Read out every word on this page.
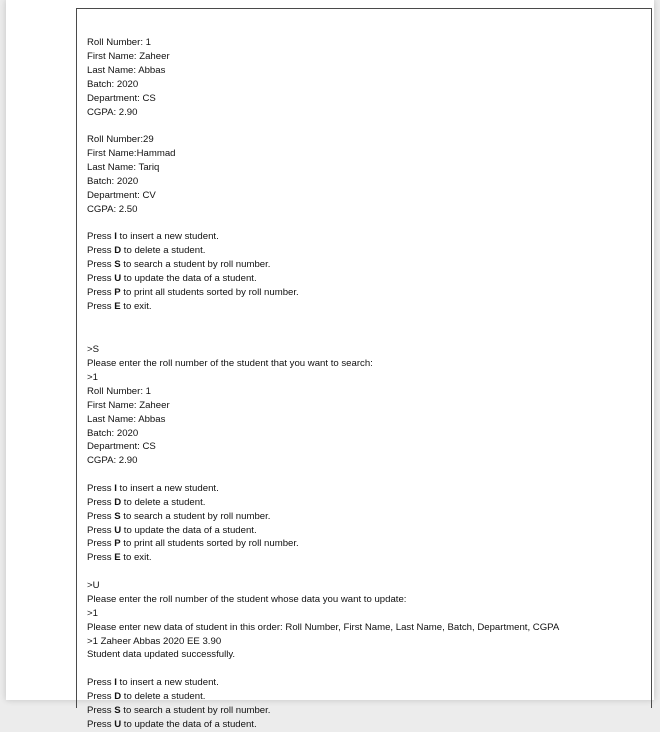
Roll Number: 1
First Name: Zaheer
Last Name: Abbas
Batch: 2020
Department: CS
CGPA: 2.90
Roll Number:29
First Name:Hammad
Last Name: Tariq
Batch: 2020
Department: CV
CGPA: 2.50
Press I to insert a new student.
Press D to delete a student.
Press S to search a student by roll number.
Press U to update the data of a student.
Press P to print all students sorted by roll number.
Press E to exit.
>S
Please enter the roll number of the student that you want to search:
>1
Roll Number: 1
First Name: Zaheer
Last Name: Abbas
Batch: 2020
Department: CS
CGPA: 2.90
Press I to insert a new student.
Press D to delete a student.
Press S to search a student by roll number.
Press U to update the data of a student.
Press P to print all students sorted by roll number.
Press E to exit.
>U
Please enter the roll number of the student whose data you want to update:
>1
Please enter new data of student in this order: Roll Number, First Name, Last Name, Batch, Department, CGPA
>1 Zaheer Abbas 2020 EE 3.90
Student data updated successfully.
Press I to insert a new student.
Press D to delete a student.
Press S to search a student by roll number.
Press U to update the data of a student.
